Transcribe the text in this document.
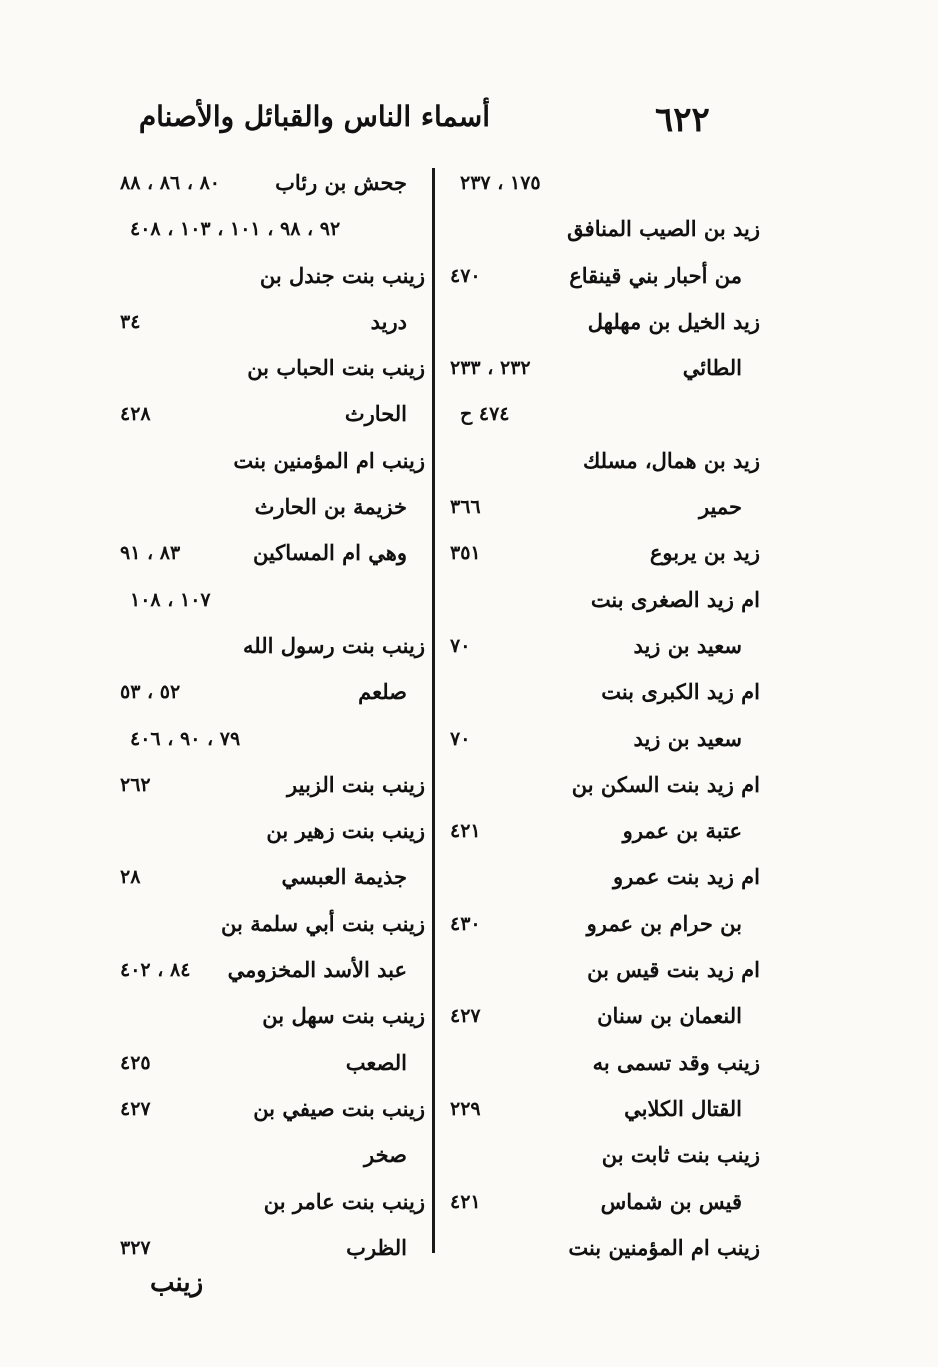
٦٢٢
أسماء الناس والقبائل والأصنام
١٧٥ ، ٢٣٧
زيد بن الصيب المنافق
من أحبار بني قينقاع
٤٧٠
زيد الخيل بن مهلهل
الطائي
٢٣٢ ، ٢٣٣
٤٧٤ ح
زيد بن همال، مسلك
حمير
٣٦٦
زيد بن يربوع
٣٥١
ام زيد الصغرى بنت
سعيد بن زيد
٧٠
ام زيد الكبرى بنت
سعيد بن زيد
٧٠
ام زيد بنت السكن بن
عتبة بن عمرو
٤٢١
ام زيد بنت عمرو
بن حرام بن عمرو
٤٣٠
ام زيد بنت قيس بن
النعمان بن سنان
٤٢٧
زينب وقد تسمى به
القتال الكلابي
٢٢٩
زينب بنت ثابت بن
قيس بن شماس
٤٢١
زينب ام المؤمنين بنت
جحش بن رئاب
٨٠ ، ٨٦ ، ٨٨
٩٢ ، ٩٨ ، ١٠١ ، ١٠٣ ، ٤٠٨
زينب بنت جندل بن
دريد
٣٤
زينب بنت الحباب بن
الحارث
٤٢٨
زينب ام المؤمنين بنت
خزيمة بن الحارث
وهي ام المساكين
٨٣ ، ٩١
١٠٧ ، ١٠٨
زينب بنت رسول الله
صلعم
٥٢ ، ٥٣
٧٩ ، ٩٠ ، ٤٠٦
زينب بنت الزبير
٢٦٢
زينب بنت زهير بن
جذيمة العبسي
٢٨
زينب بنت أبي سلمة بن
عبد الأسد المخزومي
٨٤ ، ٤٠٢
زينب بنت سهل بن
الصعب
٤٢٥
زينب بنت صيفي بن
٤٢٧
صخر
زينب بنت عامر بن
الظرب
٣٢٧
زينب
